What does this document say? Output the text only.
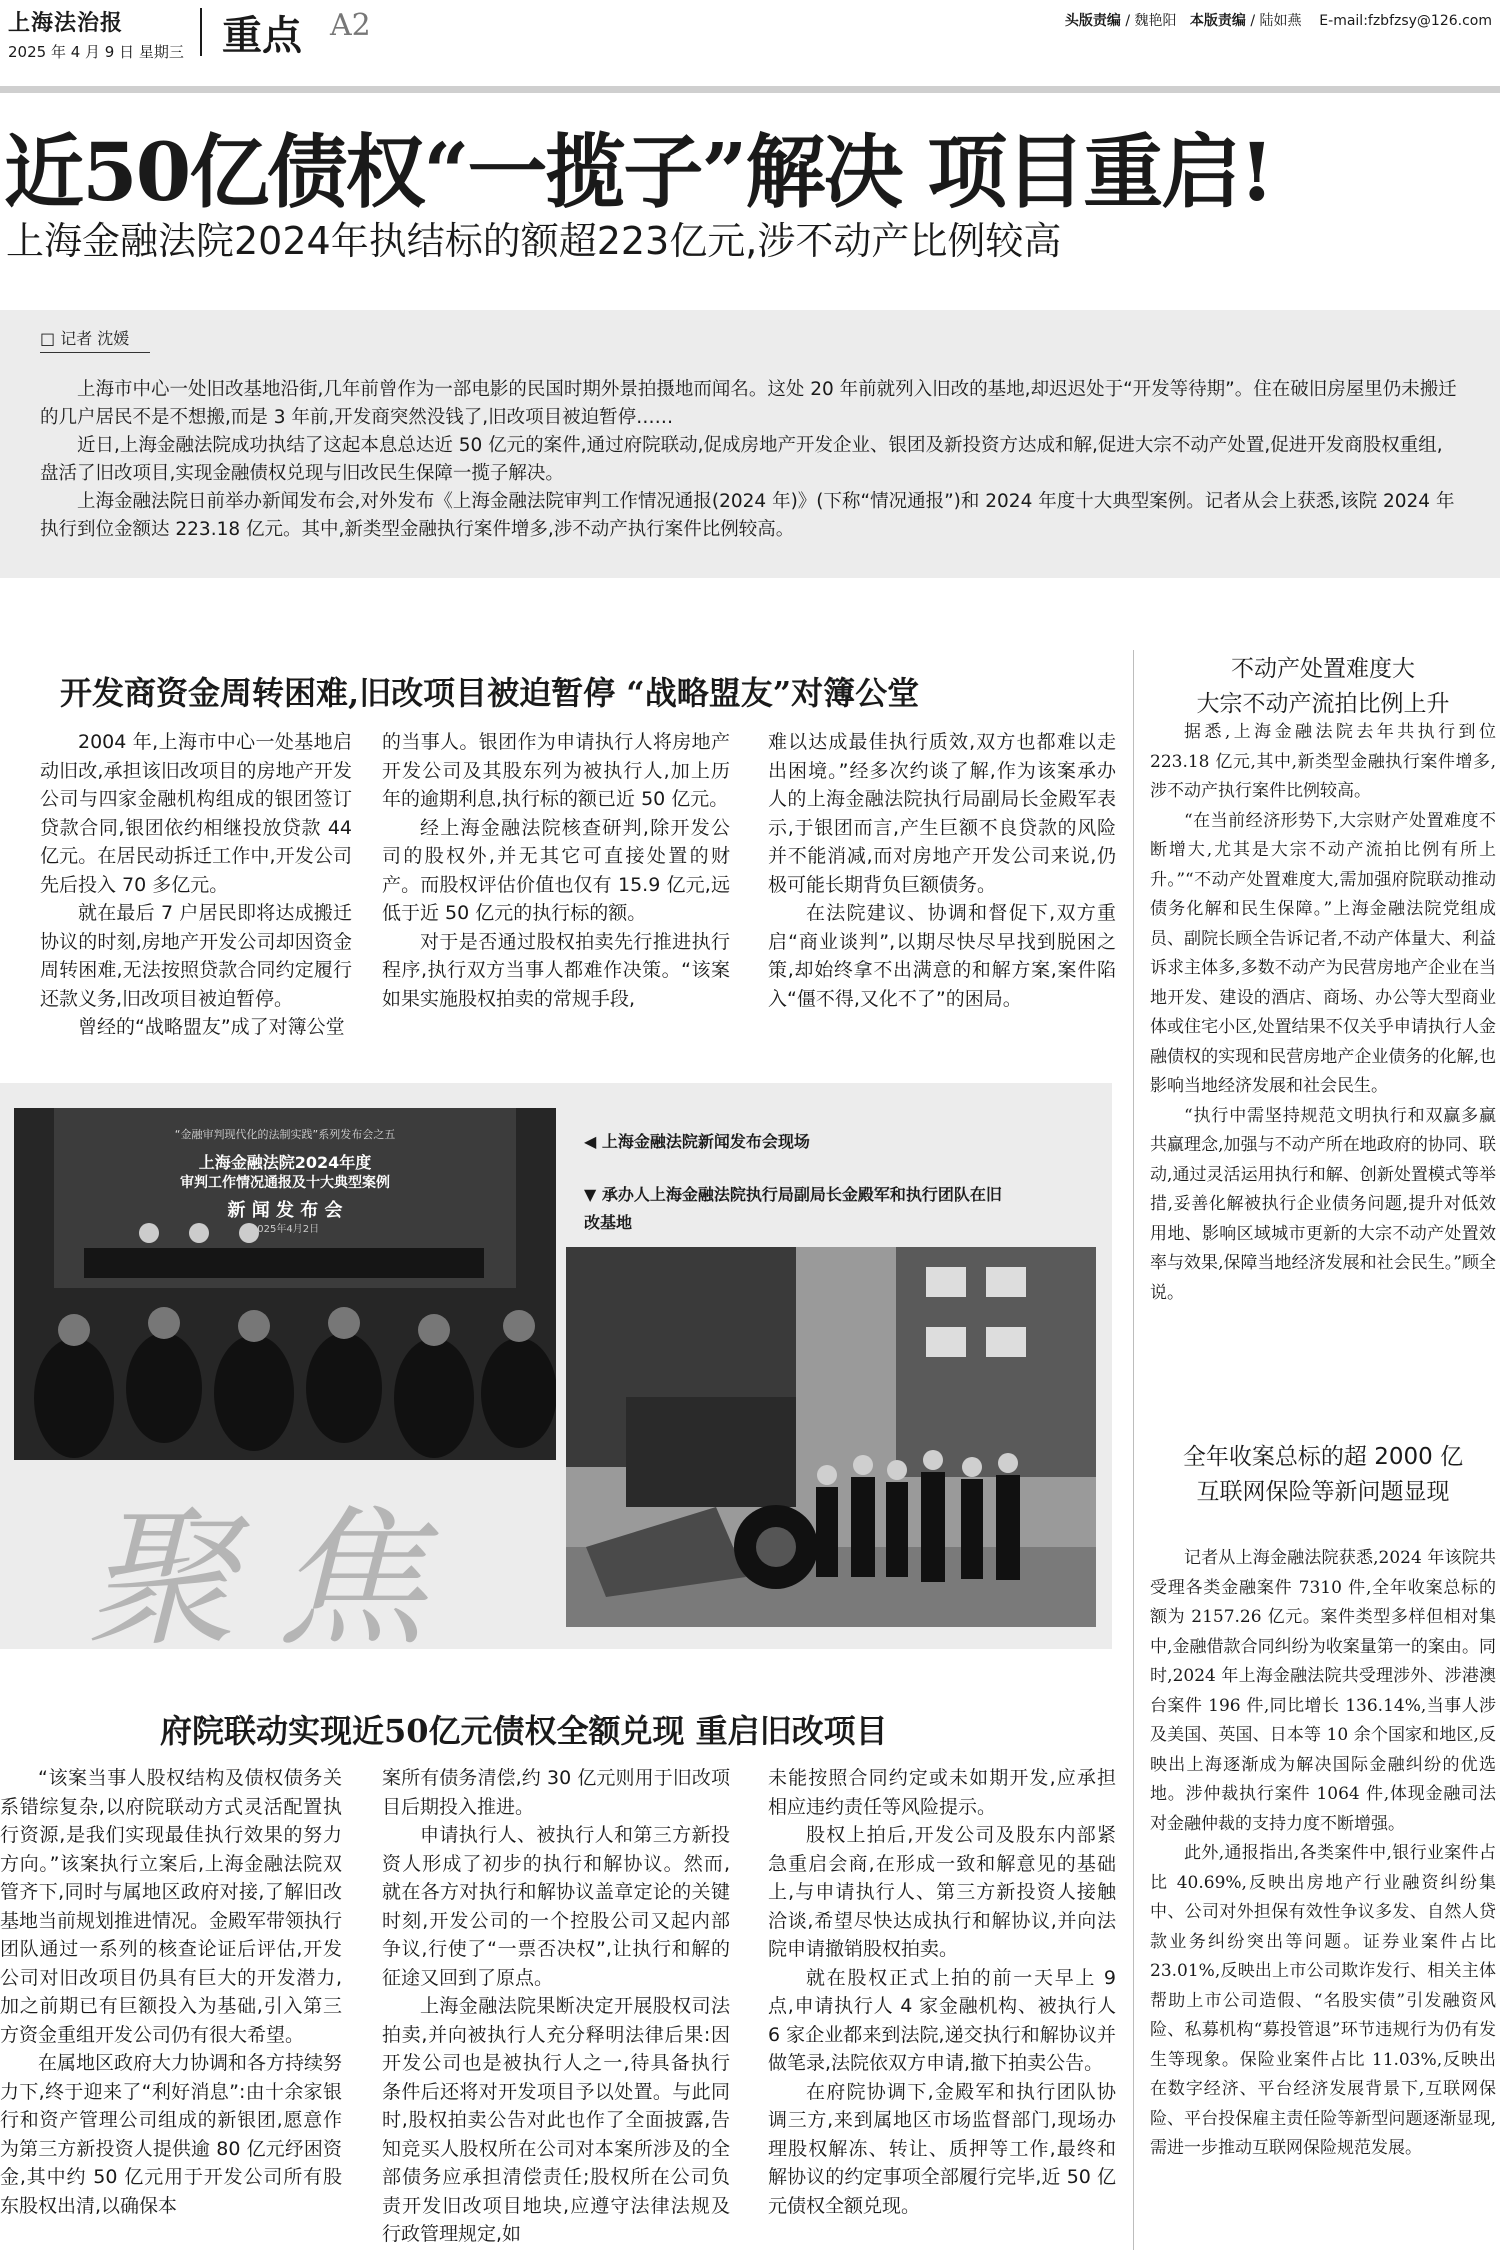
上海法治报
2025 年 4 月 9 日 星期三 重点 A2	头版责编 / 魏艳阳 本版责编 / 陆如燕 E-mail:fzbfzsy@126.com
近50亿债权“一揽子”解决 项目重启!
上海金融法院2024年执结标的额超223亿元,涉不动产比例较高
□ 记者 沈媛

上海市中心一处旧改基地沿街,几年前曾作为一部电影的民国时期外景拍摄地而闻名。这处 20 年前就列入旧改的基地,却迟迟处于“开发等待期”。住在破旧房屋里仍未搬迁的几户居民不是不想搬,而是 3 年前,开发商突然没钱了,旧改项目被迫暂停……

近日,上海金融法院成功执结了这起本息总达近 50 亿元的案件,通过府院联动,促成房地产开发企业、银团及新投资方达成和解,促进大宗不动产处置,促进开发商股权重组,盘活了旧改项目,实现金融债权兑现与旧改民生保障一揽子解决。

上海金融法院日前举办新闻发布会,对外发布《上海金融法院审判工作情况通报(2024 年)》(下称“情况通报”)和 2024 年度十大典型案例。记者从会上获悉,该院 2024 年执行到位金额达 223.18 亿元。其中,新类型金融执行案件增多,涉不动产执行案件比例较高。

开发商资金周转困难,旧改项目被迫暂停 “战略盟友”对簿公堂

2004 年,上海市中心一处基地启动旧改,承担该旧改项目的房地产开发公司与四家金融机构组成的银团签订贷款合同,银团依约相继投放贷款 44 亿元。在居民动拆迁工作中,开发公司先后投入 70 多亿元。

就在最后 7 户居民即将达成搬迁协议的时刻,房地产开发公司却因资金周转困难,无法按照贷款合同约定履行还款义务,旧改项目被迫暂停。

曾经的“战略盟友”成了对簿公堂

的当事人。银团作为申请执行人将房地产开发公司及其股东列为被执行人,加上历年的逾期利息,执行标的额已近 50 亿元。

经上海金融法院核查研判,除开发公司的股权外,并无其它可直接处置的财产。而股权评估价值也仅有 15.9 亿元,远低于近 50 亿元的执行标的额。

对于是否通过股权拍卖先行推进执行程序,执行双方当事人都难作决策。“该案如果实施股权拍卖的常规手段,

难以达成最佳执行质效,双方也都难以走出困境。”经多次约谈了解,作为该案承办人的上海金融法院执行局副局长金殿军表示,于银团而言,产生巨额不良贷款的风险并不能消减,而对房地产开发公司来说,仍极可能长期背负巨额债务。

在法院建议、协调和督促下,双方重启“商业谈判”,以期尽快尽早找到脱困之策,却始终拿不出满意的和解方案,案件陷入“僵不得,又化不了”的困局。

“金融审判现代化的法制实践”系列发布会之五
上海金融法院2024年度
审判工作情况通报及十大典型案例
新 闻 发 布 会
2025年4月2日
◀ 上海金融法院新闻发布会现场
▼ 承办人上海金融法院执行局副局长金殿军和执行团队在旧改基地
聚焦
府院联动实现近50亿元债权全额兑现 重启旧改项目

“该案当事人股权结构及债权债务关系错综复杂,以府院联动方式灵活配置执行资源,是我们实现最佳执行效果的努力方向。”该案执行立案后,上海金融法院双管齐下,同时与属地区政府对接,了解旧改基地当前规划推进情况。金殿军带领执行团队通过一系列的核查论证后评估,开发公司对旧改项目仍具有巨大的开发潜力,加之前期已有巨额投入为基础,引入第三方资金重组开发公司仍有很大希望。

在属地区政府大力协调和各方持续努力下,终于迎来了“利好消息”:由十余家银行和资产管理公司组成的新银团,愿意作为第三方新投资人提供逾 80 亿元纾困资金,其中约 50 亿元用于开发公司所有股东股权出清,以确保本

案所有债务清偿,约 30 亿元则用于旧改项目后期投入推进。

申请执行人、被执行人和第三方新投资人形成了初步的执行和解协议。然而,就在各方对执行和解协议盖章定论的关键时刻,开发公司的一个控股公司又起内部争议,行使了“一票否决权”,让执行和解的征途又回到了原点。

上海金融法院果断决定开展股权司法拍卖,并向被执行人充分释明法律后果:因开发公司也是被执行人之一,待具备执行条件后还将对开发项目予以处置。与此同时,股权拍卖公告对此也作了全面披露,告知竞买人股权所在公司对本案所涉及的全部债务应承担清偿责任;股权所在公司负责开发旧改项目地块,应遵守法律法规及行政管理规定,如

未能按照合同约定或未如期开发,应承担相应违约责任等风险提示。

股权上拍后,开发公司及股东内部紧急重启会商,在形成一致和解意见的基础上,与申请执行人、第三方新投资人接触洽谈,希望尽快达成执行和解协议,并向法院申请撤销股权拍卖。

就在股权正式上拍的前一天早上 9 点,申请执行人 4 家金融机构、被执行人 6 家企业都来到法院,递交执行和解协议并做笔录,法院依双方申请,撤下拍卖公告。

在府院协调下,金殿军和执行团队协调三方,来到属地区市场监督部门,现场办理股权解冻、转让、质押等工作,最终和解协议的约定事项全部履行完毕,近 50 亿元债权全额兑现。

不动产处置难度大
大宗不动产流拍比例上升

据悉,上海金融法院去年共执行到位 223.18 亿元,其中,新类型金融执行案件增多,涉不动产执行案件比例较高。

“在当前经济形势下,大宗财产处置难度不断增大,尤其是大宗不动产流拍比例有所上升。”“不动产处置难度大,需加强府院联动推动债务化解和民生保障。”上海金融法院党组成员、副院长顾全告诉记者,不动产体量大、利益诉求主体多,多数不动产为民营房地产企业在当地开发、建设的酒店、商场、办公等大型商业体或住宅小区,处置结果不仅关乎申请执行人金融债权的实现和民营房地产企业债务的化解,也影响当地经济发展和社会民生。

“执行中需坚持规范文明执行和双赢多赢共赢理念,加强与不动产所在地政府的协同、联动,通过灵活运用执行和解、创新处置模式等举措,妥善化解被执行企业债务问题,提升对低效用地、影响区域城市更新的大宗不动产处置效率与效果,保障当地经济发展和社会民生。”顾全说。

全年收案总标的超 2000 亿
互联网保险等新问题显现

记者从上海金融法院获悉,2024 年该院共受理各类金融案件 7310 件,全年收案总标的额为 2157.26 亿元。案件类型多样但相对集中,金融借款合同纠纷为收案量第一的案由。同时,2024 年上海金融法院共受理涉外、涉港澳台案件 196 件,同比增长 136.14%,当事人涉及美国、英国、日本等 10 余个国家和地区,反映出上海逐渐成为解决国际金融纠纷的优选地。涉仲裁执行案件 1064 件,体现金融司法对金融仲裁的支持力度不断增强。

此外,通报指出,各类案件中,银行业案件占比 40.69%,反映出房地产行业融资纠纷集中、公司对外担保有效性争议多发、自然人贷款业务纠纷突出等问题。证券业案件占比 23.01%,反映出上市公司欺诈发行、相关主体帮助上市公司造假、“名股实债”引发融资风险、私募机构“募投管退”环节违规行为仍有发生等现象。保险业案件占比 11.03%,反映出在数字经济、平台经济发展背景下,互联网保险、平台投保雇主责任险等新型问题逐渐显现,需进一步推动互联网保险规范发展。
